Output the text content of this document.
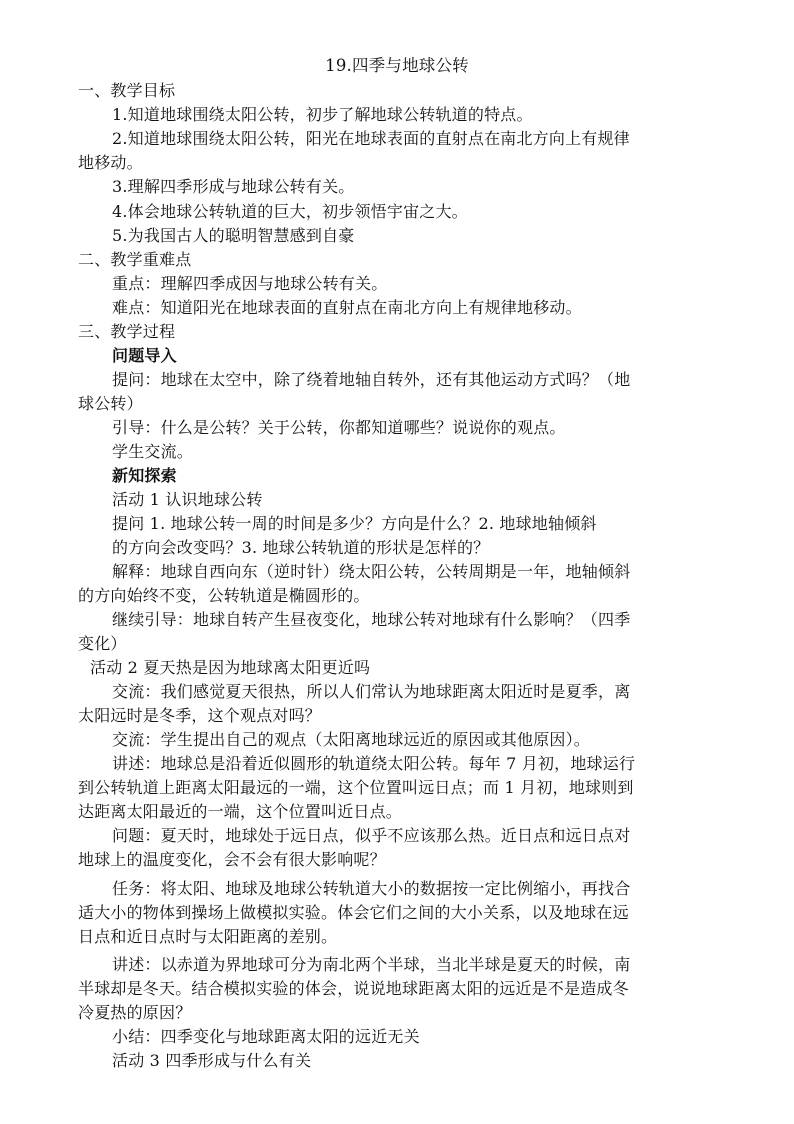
19.四季与地球公转
一、教学目标
1.知道地球围绕太阳公转，初步了解地球公转轨道的特点。
2.知道地球围绕太阳公转，阳光在地球表面的直射点在南北方向上有规律
地移动。
3.理解四季形成与地球公转有关。
4.体会地球公转轨道的巨大，初步领悟宇宙之大。
5.为我国古人的聪明智慧感到自豪
二、教学重难点
重点：理解四季成因与地球公转有关。
难点：知道阳光在地球表面的直射点在南北方向上有规律地移动。
三、教学过程
问题导入
提问：地球在太空中，除了绕着地轴自转外，还有其他运动方式吗？（地
球公转）
引导：什么是公转？关于公转，你都知道哪些？说说你的观点。
学生交流。
新知探索
活动 1 认识地球公转
提问 1. 地球公转一周的时间是多少？方向是什么？2. 地球地轴倾斜
的方向会改变吗？3. 地球公转轨道的形状是怎样的？
解释：地球自西向东（逆时针）绕太阳公转，公转周期是一年，地轴倾斜
的方向始终不变，公转轨道是椭圆形的。
继续引导：地球自转产生昼夜变化，地球公转对地球有什么影响？（四季
变化）
活动 2 夏天热是因为地球离太阳更近吗
交流：我们感觉夏天很热，所以人们常认为地球距离太阳近时是夏季，离
太阳远时是冬季，这个观点对吗？
交流：学生提出自己的观点（太阳离地球远近的原因或其他原因）。
讲述：地球总是沿着近似圆形的轨道绕太阳公转。每年 7 月初，地球运行
到公转轨道上距离太阳最远的一端，这个位置叫远日点；而 1 月初，地球则到
达距离太阳最近的一端，这个位置叫近日点。
问题：夏天时，地球处于远日点，似乎不应该那么热。近日点和远日点对
地球上的温度变化，会不会有很大影响呢？
任务：将太阳、地球及地球公转轨道大小的数据按一定比例缩小，再找合
适大小的物体到操场上做模拟实验。体会它们之间的大小关系，以及地球在远
日点和近日点时与太阳距离的差别。
讲述：以赤道为界地球可分为南北两个半球，当北半球是夏天的时候，南
半球却是冬天。结合模拟实验的体会，说说地球距离太阳的远近是不是造成冬
冷夏热的原因？
小结：四季变化与地球距离太阳的远近无关
活动 3 四季形成与什么有关
